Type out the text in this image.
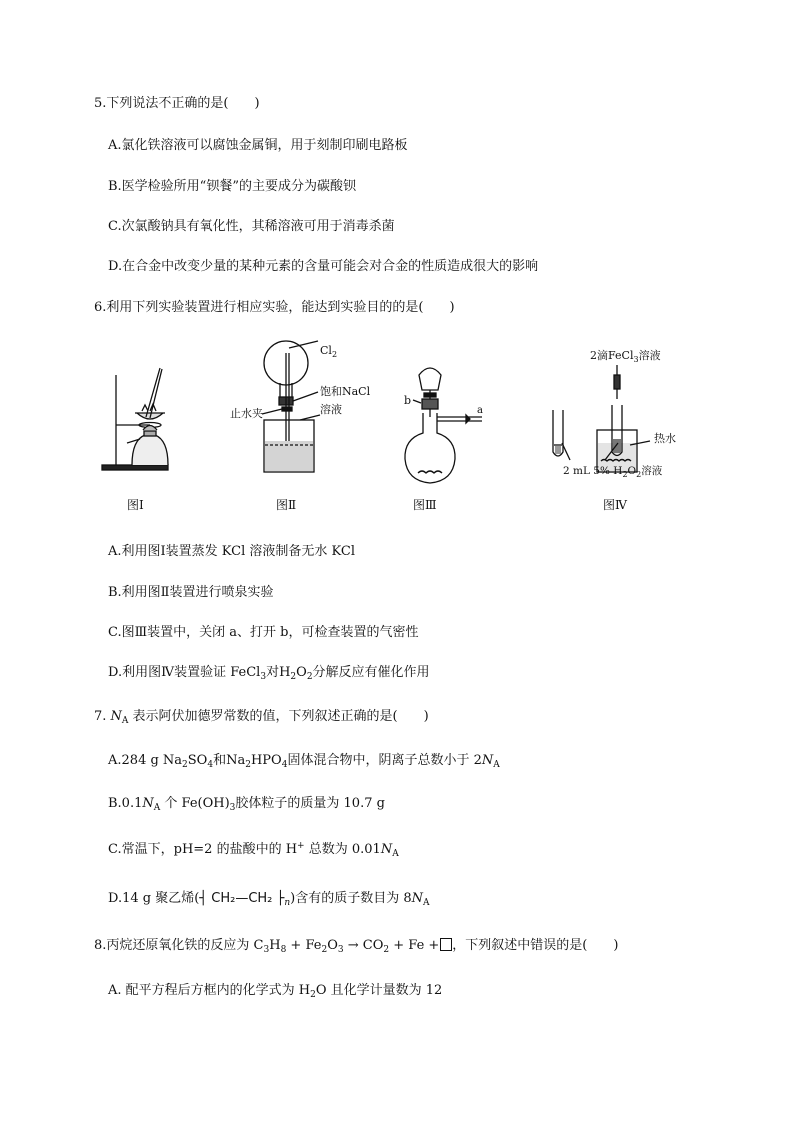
5.下列说法不正确的是(　　)
A.氯化铁溶液可以腐蚀金属铜，用于刻制印刷电路板
B.医学检验所用“钡餐”的主要成分为碳酸钡
C.次氯酸钠具有氧化性，其稀溶液可用于消毒杀菌
D.在合金中改变少量的某种元素的含量可能会对合金的性质造成很大的影响
6.利用下列实验装置进行相应实验，能达到实验目的的是(　　)
$Cl_2$
止水夹
饱和NaCl
溶液
b
a
2滴FeCl$_3$溶液
热水
2 mL 5% $H_2O_2$溶液
图Ⅰ	图Ⅱ	图Ⅲ	图Ⅳ
A.利用图Ⅰ装置蒸发 KCl 溶液制备无水 KCl
B.利用图Ⅱ装置进行喷泉实验
C.图Ⅲ装置中，关闭 a、打开 b，可检查装置的气密性
D.利用图Ⅳ装置验证 FeCl$_3$对$H_2O_2$分解反应有催化作用
7. $N_A$ 表示阿伏加德罗常数的值，下列叙述正确的是(　　)
A.284 g $Na_2SO_4$和$Na_2HPO_4$固体混合物中，阴离子总数小于 $2N_A$
$B.0.1N_A$ 个 $Fe(OH)_3$胶体粒子的质量为 10.7 g
C.常温下，pH=2 的盐酸中的 H+ 总数为 $0.01N_A$
D.14 g 聚乙烯(┤ CH₂—CH₂ $├_n$)含有的质子数目为 $8N_A$
8.丙烷还原氧化铁的反应为 $C_3H_8 + Fe_2O_3 \to CO_2 + Fe$ + ，下列叙述中错误的是(　　)
A. 配平方程后方框内的化学式为 $H_2O$ 且化学计量数为 12
